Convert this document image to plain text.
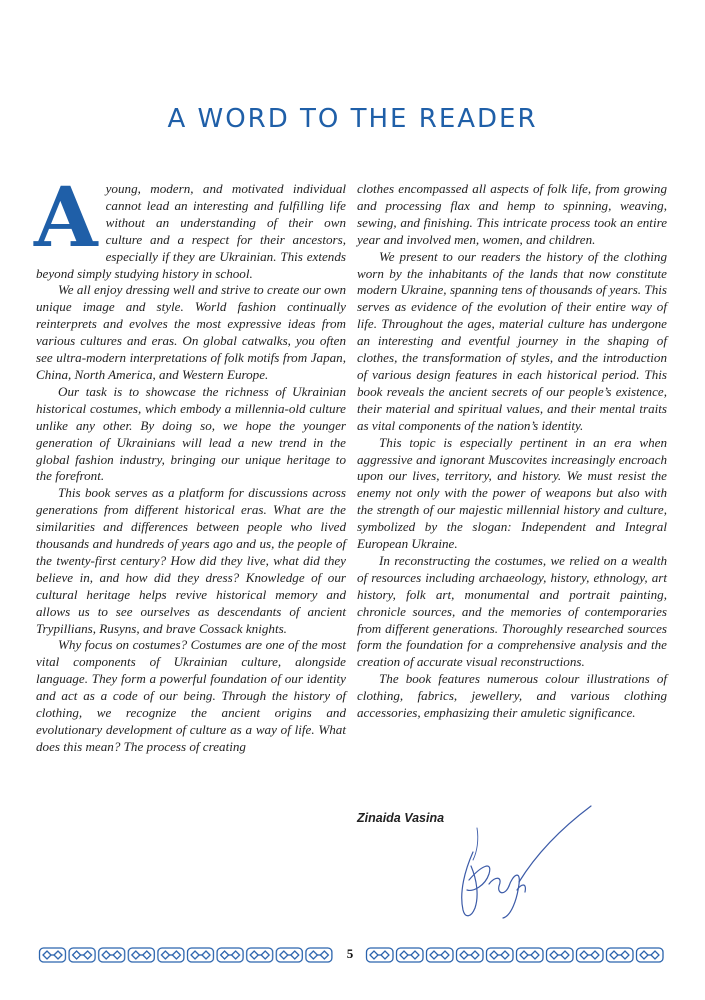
A WORD TO THE READER

Ayoung, modern, and motivated individual cannot lead an interesting and fulfilling life without an understanding of their own culture and a respect for their ancestors, especially if they are Ukrainian. This extends beyond simply studying history in school.

We all enjoy dressing well and strive to create our own unique image and style. World fashion continually reinterprets and evolves the most expressive ideas from various cultures and eras. On global catwalks, you often see ultra-modern interpretations of folk motifs from Japan, China, North America, and Western Europe.

Our task is to showcase the richness of Ukrainian historical costumes, which embody a millennia-old culture unlike any other. By doing so, we hope the younger generation of Ukrainians will lead a new trend in the global fashion industry, bringing our unique heritage to the forefront.

This book serves as a platform for discussions across generations from different historical eras. What are the similarities and differences between people who lived thousands and hundreds of years ago and us, the people of the twenty-first century? How did they live, what did they believe in, and how did they dress? Knowledge of our cultural heritage helps revive historical memory and allows us to see ourselves as descendants of ancient Trypillians, Rusyns, and brave Cossack knights.

Why focus on costumes? Costumes are one of the most vital components of Ukrainian culture, alongside language. They form a powerful foundation of our identity and act as a code of our being. Through the history of clothing, we recognize the ancient origins and evolutionary development of culture as a way of life. What does this mean? The process of creating

clothes encompassed all aspects of folk life, from growing and processing flax and hemp to spinning, weaving, sewing, and finishing. This intricate process took an entire year and involved men, women, and children.

We present to our readers the history of the clothing worn by the inhabitants of the lands that now constitute modern Ukraine, spanning tens of thousands of years. This serves as evidence of the evolution of their entire way of life. Throughout the ages, material culture has undergone an interesting and eventful journey in the shaping of clothes, the transformation of styles, and the introduction of various design features in each historical period. This book reveals the ancient secrets of our people’s existence, their material and spiritual values, and their mental traits as vital components of the nation’s identity.

This topic is especially pertinent in an era when aggressive and ignorant Muscovites increasingly encroach upon our lives, territory, and history. We must resist the enemy not only with the power of weapons but also with the strength of our majestic millennial history and culture, symbolized by the slogan: Independent and Integral European Ukraine.

In reconstructing the costumes, we relied on a wealth of resources including archaeology, history, ethnology, art history, folk art, monumental and portrait painting, chronicle sources, and the memories of contemporaries from different generations. Thoroughly researched sources form the foundation for a comprehensive analysis and the creation of accurate visual reconstructions.

The book features numerous colour illustrations of clothing, fabrics, jewellery, and various clothing accessories, emphasizing their amuletic significance.

Zinaida Vasina
5
